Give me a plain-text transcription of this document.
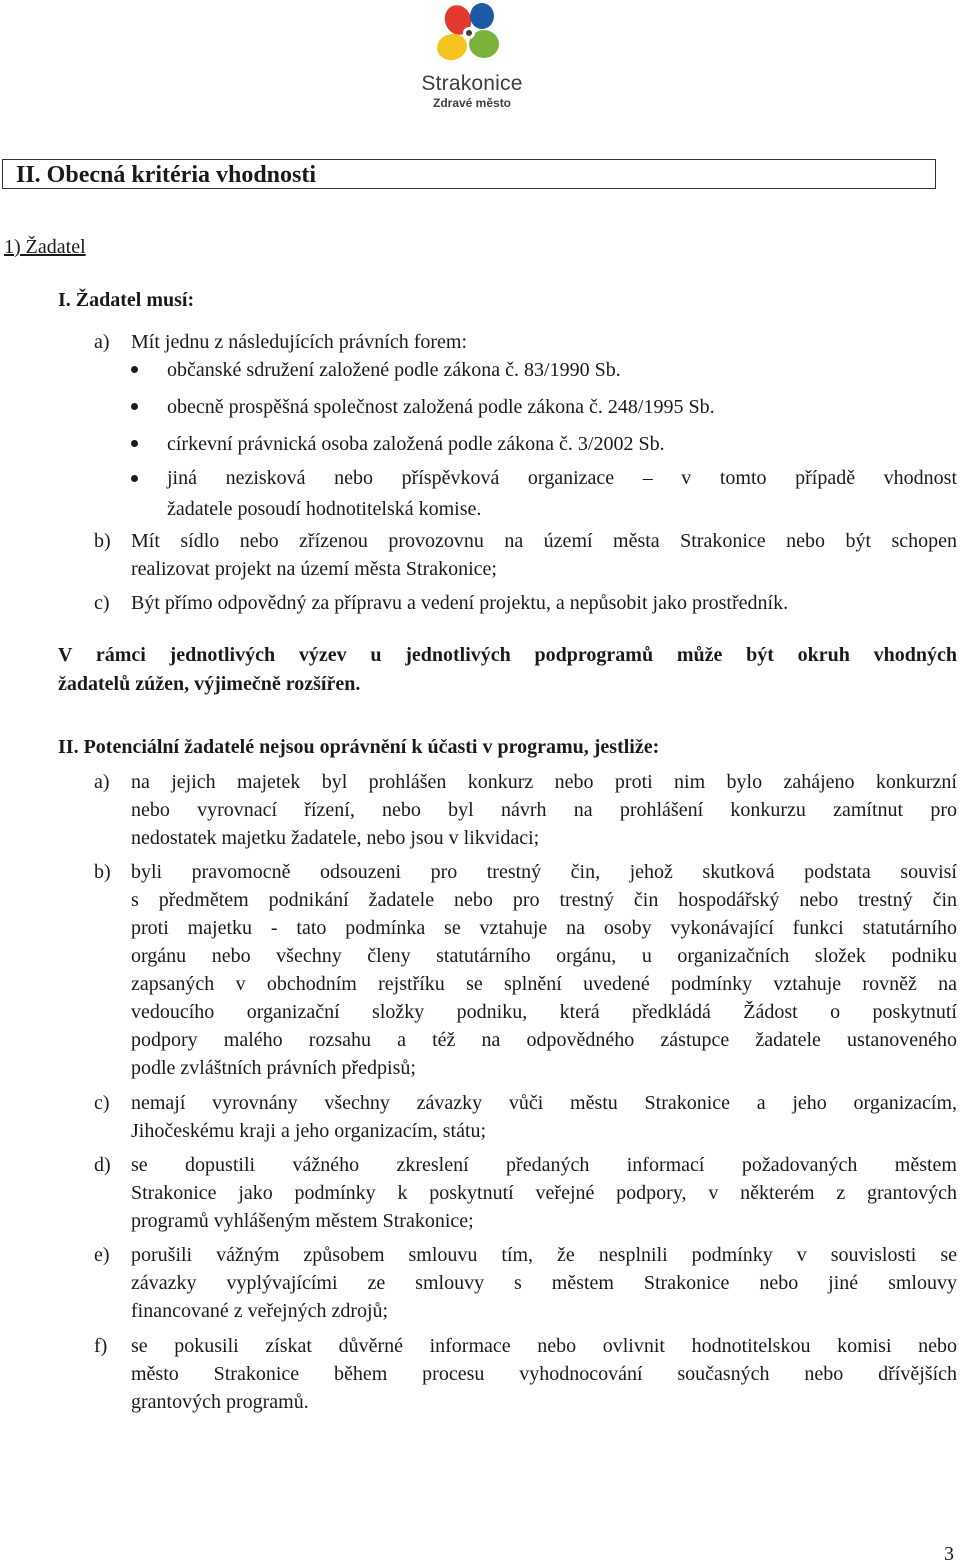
Strakonice
Zdravé město
II. Obecná kritéria vhodnosti
1) Žadatel
I. Žadatel musí:
a) Mít jednu z následujících právních forem:
občanské sdružení založené podle zákona č. 83/1990 Sb.
obecně prospěšná společnost založená podle zákona č. 248/1995 Sb.
církevní právnická osoba založená podle zákona č. 3/2002 Sb.
jiná nezisková nebo příspěvková organizace – v tomto případě vhodnost
žadatele posoudí hodnotitelská komise.
b) Mít sídlo nebo zřízenou provozovnu na území města Strakonice nebo být schopen
realizovat projekt na území města Strakonice;
c) Být přímo odpovědný za přípravu a vedení projektu, a nepůsobit jako prostředník.
V rámci jednotlivých výzev u jednotlivých podprogramů může být okruh vhodných
žadatelů zúžen, výjimečně rozšířen.
II. Potenciální žadatelé nejsou oprávnění k účasti v programu, jestliže:
a) na jejich majetek byl prohlášen konkurz nebo proti nim bylo zahájeno konkurzní
nebo vyrovnací řízení, nebo byl návrh na prohlášení konkurzu zamítnut pro
nedostatek majetku žadatele, nebo jsou v likvidaci;
b) byli pravomocně odsouzeni pro trestný čin, jehož skutková podstata souvisí
s předmětem podnikání žadatele nebo pro trestný čin hospodářský nebo trestný čin
proti majetku - tato podmínka se vztahuje na osoby vykonávající funkci statutárního
orgánu nebo všechny členy statutárního orgánu, u organizačních složek podniku
zapsaných v obchodním rejstříku se splnění uvedené podmínky vztahuje rovněž na
vedoucího organizační složky podniku, která předkládá Žádost o poskytnutí
podpory malého rozsahu a též na odpovědného zástupce žadatele ustanoveného
podle zvláštních právních předpisů;
c) nemají vyrovnány všechny závazky vůči městu Strakonice a jeho organizacím,
Jihočeskému kraji a jeho organizacím, státu;
d) se dopustili vážného zkreslení předaných informací požadovaných městem
Strakonice jako podmínky k poskytnutí veřejné podpory, v některém z grantových
programů vyhlášeným městem Strakonice;
e) porušili vážným způsobem smlouvu tím, že nesplnili podmínky v souvislosti se
závazky vyplývajícími ze smlouvy s městem Strakonice nebo jiné smlouvy
financované z veřejných zdrojů;
f) se pokusili získat důvěrné informace nebo ovlivnit hodnotitelskou komisi nebo
město Strakonice během procesu vyhodnocování současných nebo dřívějších
grantových programů.
3
